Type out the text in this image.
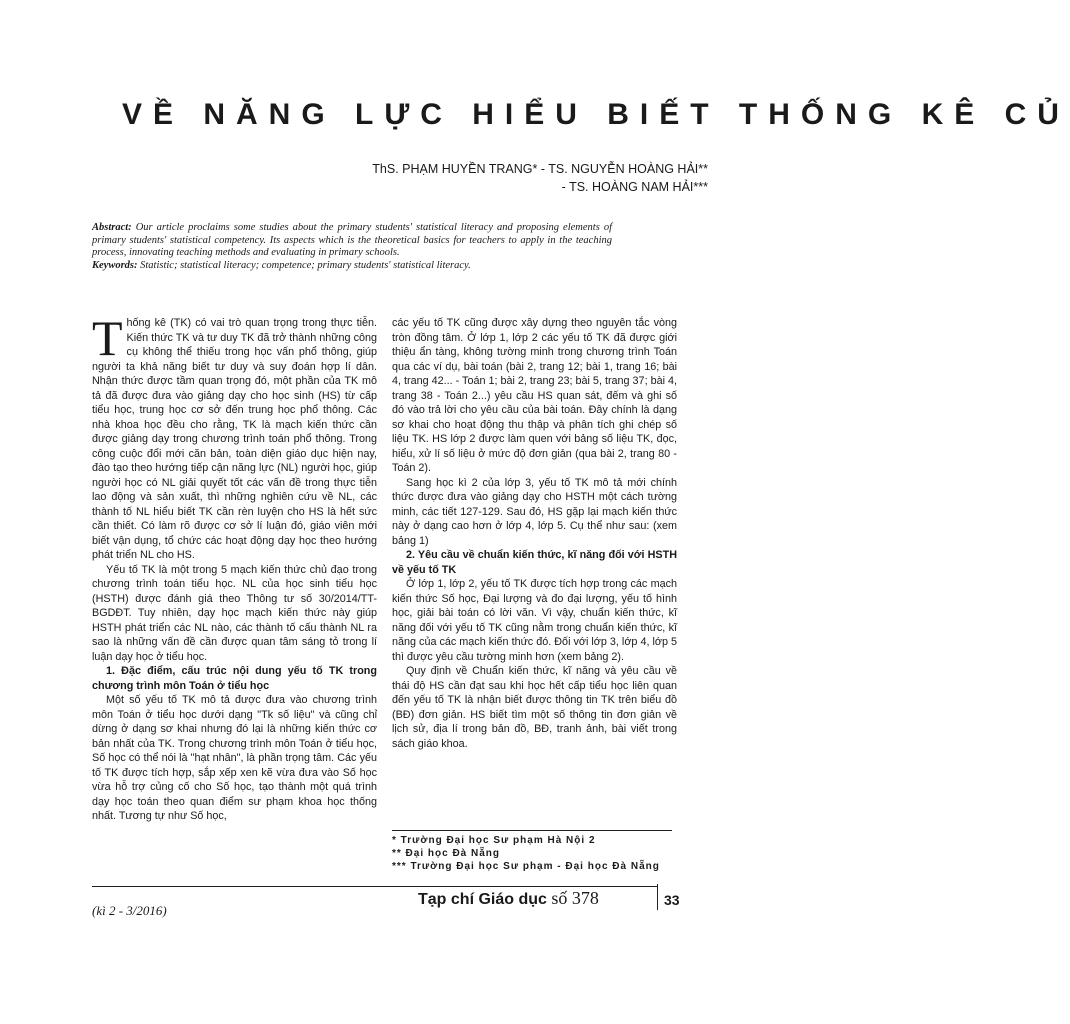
VỀ NĂNG LỰC HIỂU BIẾT THỐNG KÊ CỦ
ThS. PHẠM HUYỀN TRANG* - TS. NGUYỄN HOÀNG HẢI**
- TS. HOÀNG NAM HẢI***
Abstract: Our article proclaims some studies about the primary students' statistical literacy and proposing elements of primary students' statistical competency. Its aspects which is the theoretical basics for teachers to apply in the teaching process, innovating teaching methods and evaluating in primary schools.
Keywords: Statistic; statistical literacy; competence; primary students' statistical literacy.

Thống kê (TK) có vai trò quan trọng trong thực tiễn. Kiến thức TK và tư duy TK đã trở thành những công cụ không thể thiếu trong học vấn phổ thông, giúp người ta khả năng biết tư duy và suy đoán hợp lí dân. Nhận thức được tầm quan trọng đó, một phần của TK mô tả đã được đưa vào giảng dạy cho học sinh (HS) từ cấp tiểu học, trung học cơ sở đến trung học phổ thông. Các nhà khoa học đều cho rằng, TK là mạch kiến thức cần được giảng dạy trong chương trình toán phổ thông. Trong công cuộc đổi mới căn bản, toàn diện giáo dục hiện nay, đào tạo theo hướng tiếp cận năng lực (NL) người học, giúp người học có NL giải quyết tốt các vấn đề trong thực tiễn lao động và sản xuất, thì những nghiên cứu về NL, các thành tố NL hiểu biết TK cần rèn luyện cho HS là hết sức cần thiết. Có làm rõ được cơ sở lí luận đó, giáo viên mới biết vận dụng, tổ chức các hoạt động dạy học theo hướng phát triển NL cho HS.

Yếu tố TK là một trong 5 mạch kiến thức chủ đạo trong chương trình toán tiểu học. NL của học sinh tiểu học (HSTH) được đánh giá theo Thông tư số 30/2014/TT-BGDĐT. Tuy nhiên, dạy học mạch kiến thức này giúp HSTH phát triển các NL nào, các thành tố cấu thành NL ra sao là những vấn đề cần được quan tâm sáng tỏ trong lí luận dạy học ở tiểu học.

1. Đặc điểm, cấu trúc nội dung yếu tố TK trong chương trình môn Toán ở tiểu học

Một số yếu tố TK mô tả được đưa vào chương trình môn Toán ở tiểu học dưới dạng "Tk số liệu" và cũng chỉ dừng ở dạng sơ khai nhưng đó lại là những kiến thức cơ bản nhất của TK. Trong chương trình môn Toán ở tiểu học, Số học có thể nói là "hạt nhân", là phần trọng tâm. Các yếu tố TK được tích hợp, sắp xếp xen kẽ vừa đưa vào Số học vừa hỗ trợ củng cố cho Số học, tạo thành một quá trình dạy học toán theo quan điểm sư phạm khoa học thống nhất. Tương tự như Số học,

các yếu tố TK cũng được xây dựng theo nguyên tắc vòng tròn đồng tâm. Ở lớp 1, lớp 2 các yếu tố TK đã được giới thiệu ẩn tàng, không tường minh trong chương trình Toán qua các ví dụ, bài toán (bài 2, trang 12; bài 1, trang 16; bài 4, trang 42... - Toán 1; bài 2, trang 23; bài 5, trang 37; bài 4, trang 38 - Toán 2...) yêu cầu HS quan sát, đếm và ghi số đó vào trả lời cho yêu cầu của bài toán. Đây chính là dạng sơ khai cho hoạt động thu thập và phân tích ghi chép số liệu TK. HS lớp 2 được làm quen với bảng số liệu TK, đọc, hiểu, xử lí số liệu ở mức độ đơn giản (qua bài 2, trang 80 - Toán 2).

Sang học kì 2 của lớp 3, yếu tố TK mô tả mới chính thức được đưa vào giảng dạy cho HSTH một cách tường minh, các tiết 127-129. Sau đó, HS gặp lại mạch kiến thức này ở dạng cao hơn ở lớp 4, lớp 5. Cụ thể như sau: (xem bảng 1)

2. Yêu cầu về chuẩn kiến thức, kĩ năng đối với HSTH về yếu tố TK

Ở lớp 1, lớp 2, yếu tố TK được tích hợp trong các mạch kiến thức Số học, Đại lượng và đo đại lượng, yếu tố hình học, giải bài toán có lời văn. Vì vậy, chuẩn kiến thức, kĩ năng đối với yếu tố TK cũng nằm trong chuẩn kiến thức, kĩ năng của các mạch kiến thức đó. Đối với lớp 3, lớp 4, lớp 5 thì được yêu cầu tường minh hơn (xem bảng 2).

Quy định về Chuẩn kiến thức, kĩ năng và yêu cầu về thái độ HS cần đạt sau khi học hết cấp tiểu học liên quan đến yếu tố TK là nhận biết được thông tin TK trên biểu đồ (BĐ) đơn giản. HS biết tìm một số thông tin đơn giản về lịch sử, địa lí trong bản đồ, BĐ, tranh ảnh, bài viết trong sách giáo khoa.

* Trường Đại học Sư phạm Hà Nội 2
** Đại học Đà Nẵng
*** Trường Đại học Sư phạm - Đại học Đà Nẵng
(kì 2 - 3/2016)
Tạp chí Giáo dục số 378	33
